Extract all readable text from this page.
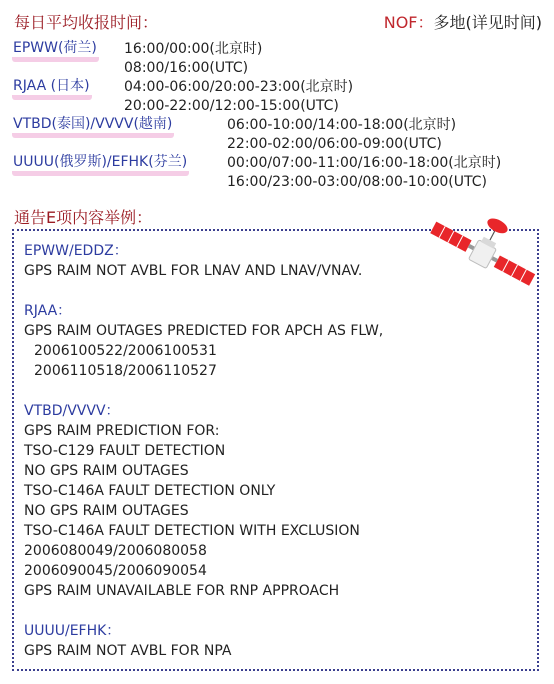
每日平均收报时间：	NOF：多地(详见时间)
EPWW(荷兰) 16:00/00:00(北京时)
08:00/16:00(UTC)
RJAA (日本) 04:00-06:00/20:00-23:00(北京时)
20:00-22:00/12:00-15:00(UTC)
VTBD(泰国)/VVVV(越南)	06:00-10:00/14:00-18:00(北京时)
22:00-02:00/06:00-09:00(UTC)
UUUU(俄罗斯)/EFHK(芬兰)	00:00/07:00-11:00/16:00-18:00(北京时)
16:00/23:00-03:00/08:00-10:00(UTC)
通告E项内容举例：
EPWW/EDDZ：
GPS RAIM NOT AVBL FOR LNAV AND LNAV/VNAV.
RJAA：
GPS RAIM OUTAGES PREDICTED FOR APCH AS FLW,
2006100522/2006100531
2006110518/2006110527
VTBD/VVVV：
GPS RAIM PREDICTION FOR:
TSO-C129 FAULT DETECTION
NO GPS RAIM OUTAGES
TSO-C146A FAULT DETECTION ONLY
NO GPS RAIM OUTAGES
TSO-C146A FAULT DETECTION WITH EXCLUSION
2006080049/2006080058
2006090045/2006090054
GPS RAIM UNAVAILABLE FOR RNP APPROACH
UUUU/EFHK：
GPS RAIM NOT AVBL FOR NPA
